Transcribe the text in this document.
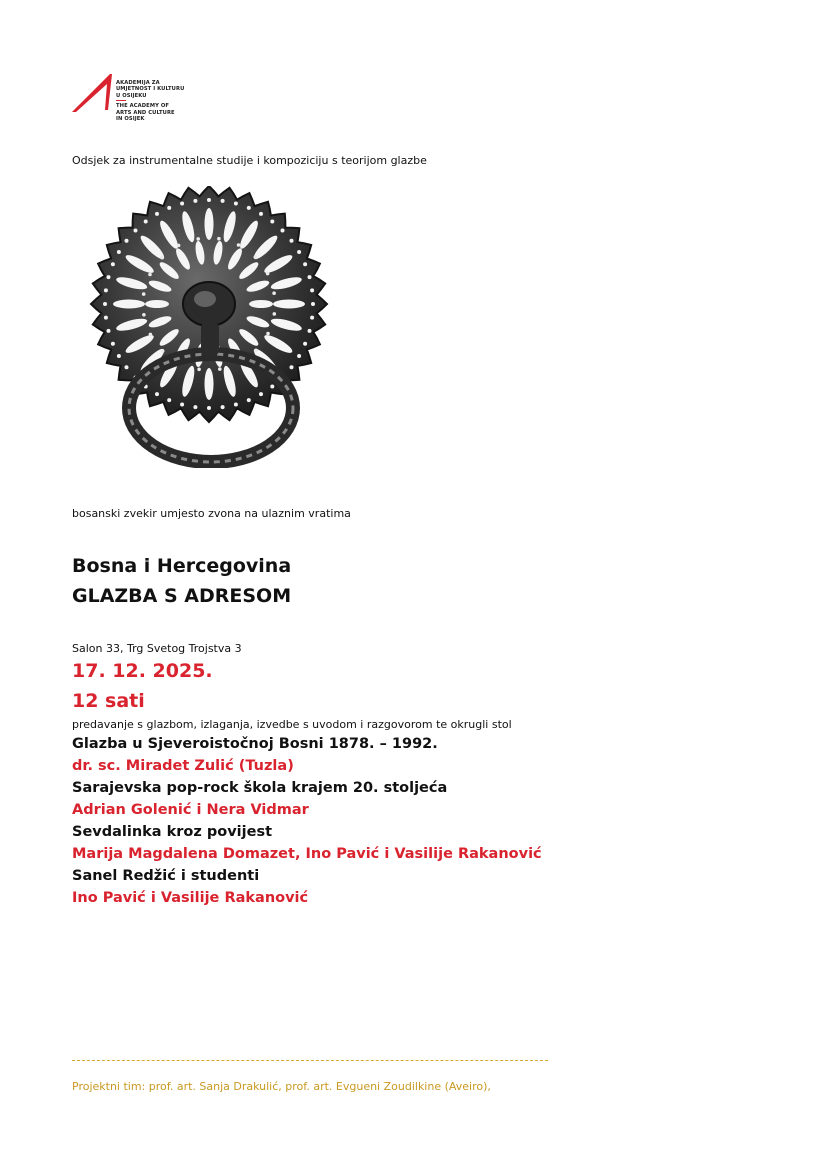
AKADEMIJA ZA
UMJETNOST I KULTURU
U OSIJEKU
THE ACADEMY OF
ARTS AND CULTURE
IN OSIJEK
Odsjek za instrumentalne studije i kompoziciju s teorijom glazbe
bosanski zvekir umjesto zvona na ulaznim vratima
Bosna i Hercegovina
GLAZBA S ADRESOM
Salon 33, Trg Svetog Trojstva 3
17. 12. 2025.
12 sati
predavanje s glazbom, izlaganja, izvedbe s uvodom i razgovorom te okrugli stol
Glazba u Sjeveroistočnoj Bosni 1878. – 1992.
dr. sc. Miradet Zulić (Tuzla)
Sarajevska pop-rock škola krajem 20. stoljeća
Adrian Golenić i Nera Vidmar
Sevdalinka kroz povijest
Marija Magdalena Domazet, Ino Pavić i Vasilije Rakanović
Sanel Redžić i studenti
Ino Pavić i Vasilije Rakanović
Projektni tim: prof. art. Sanja Drakulić, prof. art. Evgueni Zoudilkine (Aveiro),
